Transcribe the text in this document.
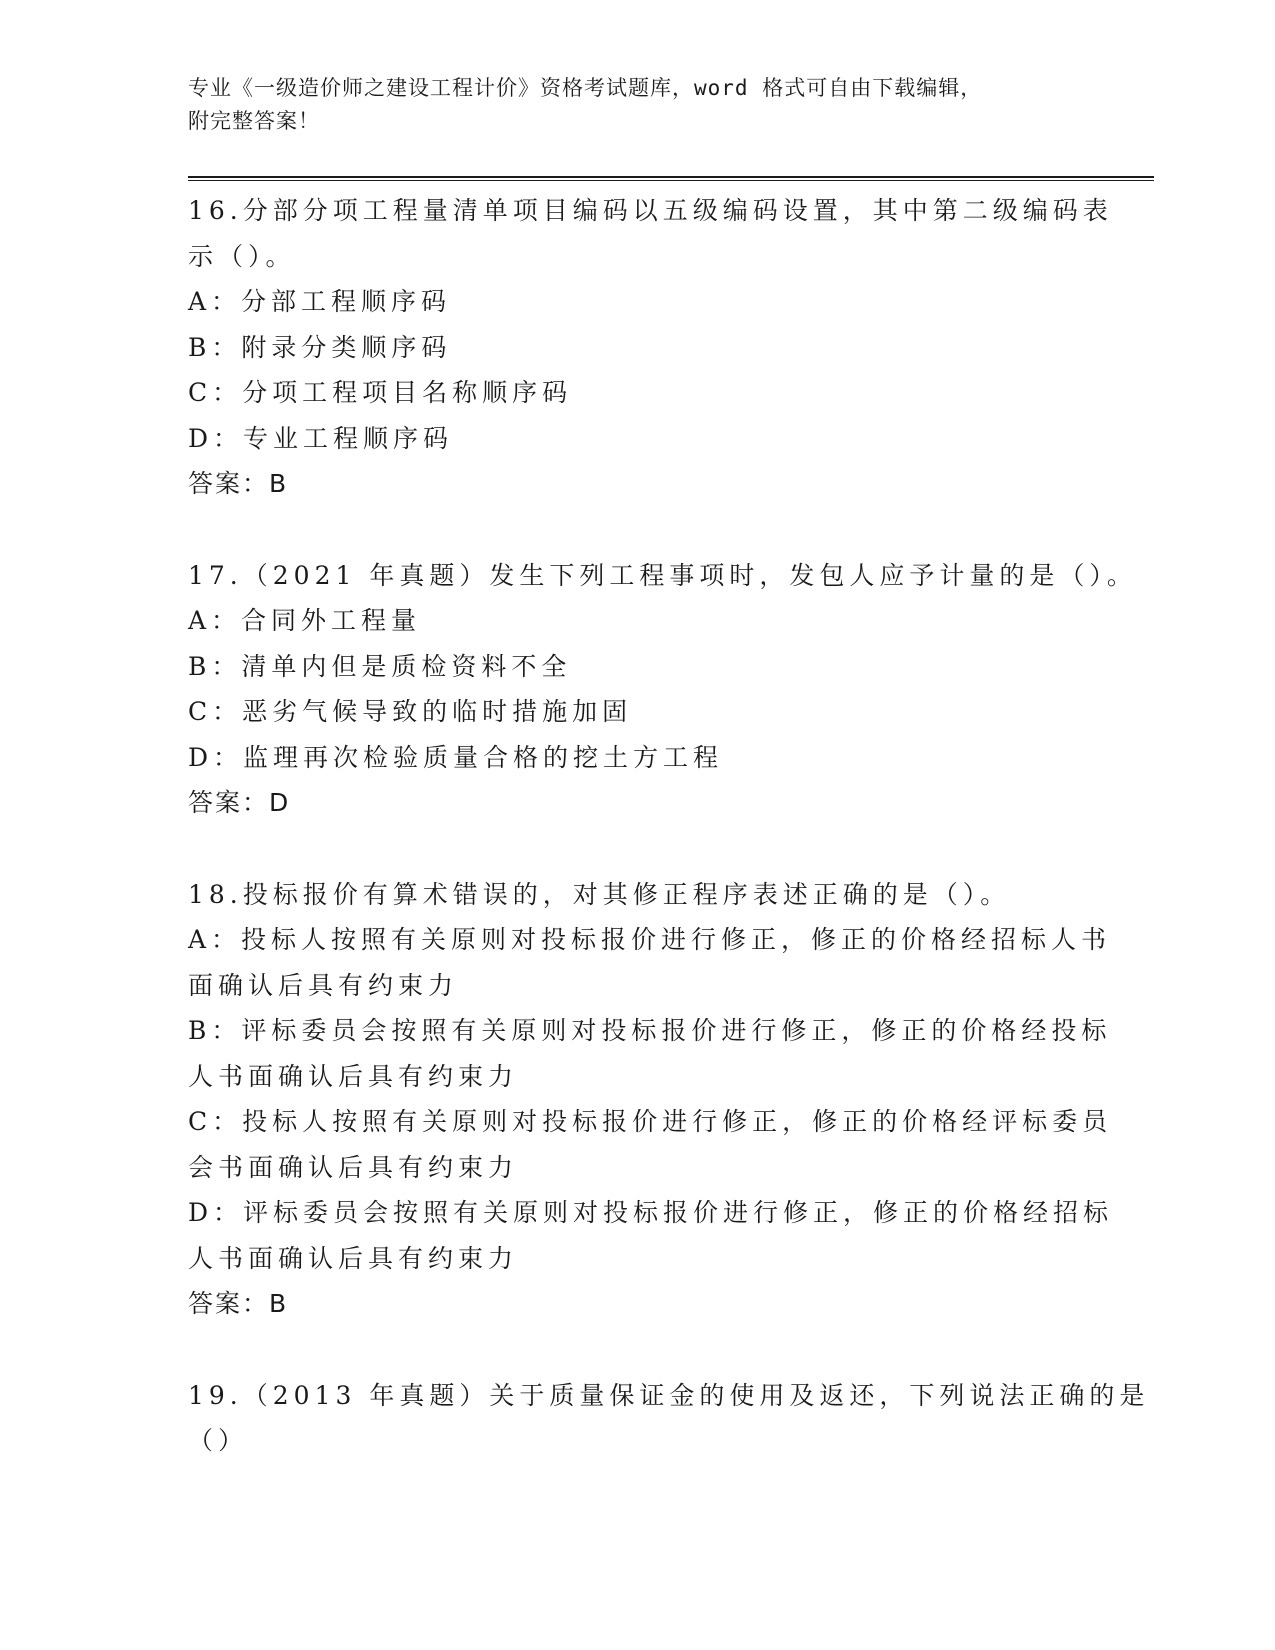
专业《一级造价师之建设工程计价》资格考试题库，word 格式可自由下载编辑，
附完整答案！
16.分部分项工程量清单项目编码以五级编码设置，其中第二级编码表
示（）。
A：分部工程顺序码
B：附录分类顺序码
C：分项工程项目名称顺序码
D：专业工程顺序码
答案：B
17.（2021 年真题）发生下列工程事项时，发包人应予计量的是（）。
A：合同外工程量
B：清单内但是质检资料不全
C：恶劣气候导致的临时措施加固
D：监理再次检验质量合格的挖土方工程
答案：D
18.投标报价有算术错误的，对其修正程序表述正确的是（）。
A：投标人按照有关原则对投标报价进行修正，修正的价格经招标人书
面确认后具有约束力
B：评标委员会按照有关原则对投标报价进行修正，修正的价格经投标
人书面确认后具有约束力
C：投标人按照有关原则对投标报价进行修正，修正的价格经评标委员
会书面确认后具有约束力
D：评标委员会按照有关原则对投标报价进行修正，修正的价格经招标
人书面确认后具有约束力
答案：B
19.（2013 年真题）关于质量保证金的使用及返还，下列说法正确的是
（）
